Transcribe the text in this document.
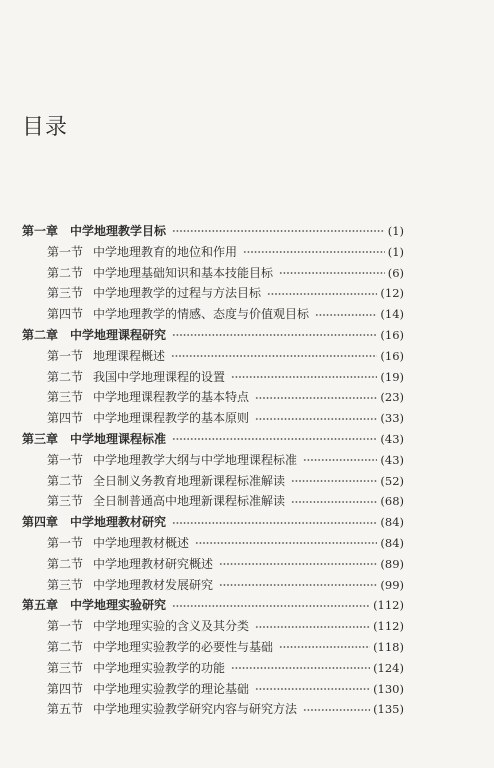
目录
第一章 中学地理教学目标	(1)
第一节 中学地理教育的地位和作用	(1)
第二节 中学地理基础知识和基本技能目标	(6)
第三节 中学地理教学的过程与方法目标	(12)
第四节 中学地理教学的情感、态度与价值观目标	(14)
第二章 中学地理课程研究	(16)
第一节 地理课程概述	(16)
第二节 我国中学地理课程的设置	(19)
第三节 中学地理课程教学的基本特点	(23)
第四节 中学地理课程教学的基本原则	(33)
第三章 中学地理课程标准	(43)
第一节 中学地理教学大纲与中学地理课程标准	(43)
第二节 全日制义务教育地理新课程标准解读	(52)
第三节 全日制普通高中地理新课程标准解读	(68)
第四章 中学地理教材研究	(84)
第一节 中学地理教材概述	(84)
第二节 中学地理教材研究概述	(89)
第三节 中学地理教材发展研究	(99)
第五章 中学地理实验研究	(112)
第一节 中学地理实验的含义及其分类	(112)
第二节 中学地理实验教学的必要性与基础	(118)
第三节 中学地理实验教学的功能	(124)
第四节 中学地理实验教学的理论基础	(130)
第五节 中学地理实验教学研究内容与研究方法	(135)
